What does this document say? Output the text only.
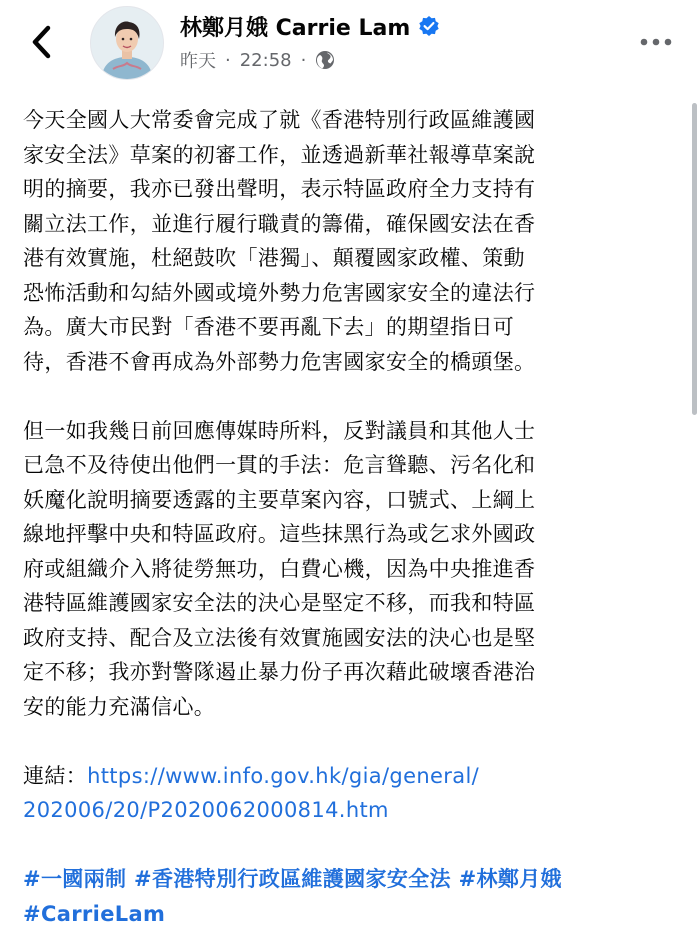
林鄭月娥 Carrie Lam
昨天 · 22:58 ·

今天全國人大常委會完成了就《香港特別行政區維護國
家安全法》草案的初審工作，並透過新華社報導草案說
明的摘要，我亦已發出聲明，表示特區政府全力支持有
關立法工作，並進行履行職責的籌備，確保國安法在香
港有效實施，杜絕鼓吹「港獨」、顛覆國家政權、策動
恐怖活動和勾結外國或境外勢力危害國家安全的違法行
為。廣大市民對「香港不要再亂下去」的期望指日可
待，香港不會再成為外部勢力危害國家安全的橋頭堡。

但一如我幾日前回應傳媒時所料，反對議員和其他人士
已急不及待使出他們一貫的手法：危言聳聽、污名化和
妖魔化說明摘要透露的主要草案內容，口號式、上綱上
線地抨擊中央和特區政府。這些抹黑行為或乞求外國政
府或組織介入將徒勞無功，白費心機，因為中央推進香
港特區維護國家安全法的決心是堅定不移，而我和特區
政府支持、配合及立法後有效實施國安法的決心也是堅
定不移；我亦對警隊遏止暴力份子再次藉此破壞香港治
安的能力充滿信心。

連結：https://www.info.gov.hk/gia/general/
202006/20/P2020062000814.htm

#一國兩制 #香港特別行政區維護國家安全法 #林鄭月娥
#CarrieLam
